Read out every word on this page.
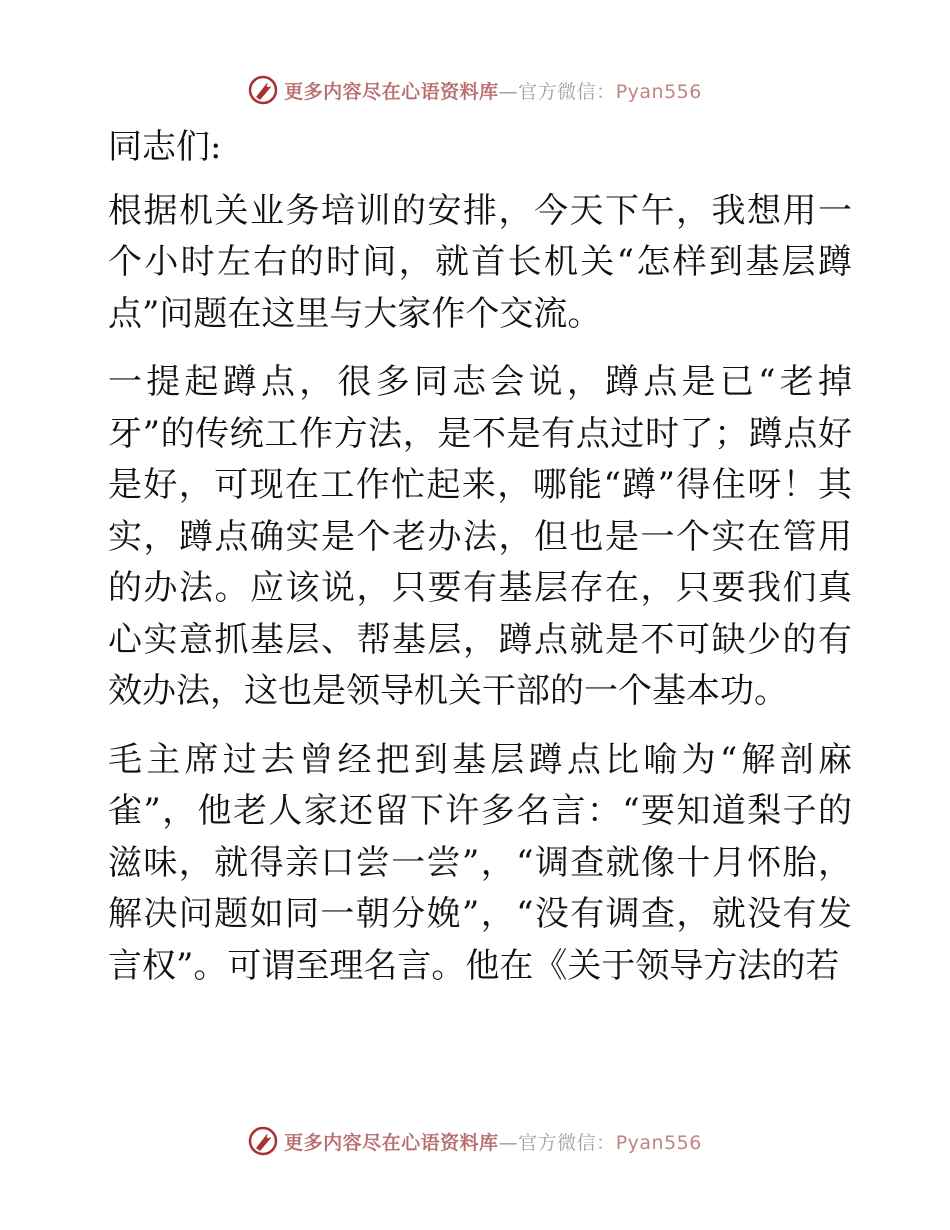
更多内容尽在心语资料库—官方微信：Pyan556
同志们:
根据机关业务培训的安排，今天下午，我想用一个小时左右的时间，就首长机关“怎样到基层蹲点”问题在这里与大家作个交流。
一提起蹲点，很多同志会说，蹲点是已“老掉牙”的传统工作方法，是不是有点过时了；蹲点好是好，可现在工作忙起来，哪能“蹲”得住呀！其实，蹲点确实是个老办法，但也是一个实在管用的办法。应该说，只要有基层存在，只要我们真心实意抓基层、帮基层，蹲点就是不可缺少的有效办法，这也是领导机关干部的一个基本功。
毛主席过去曾经把到基层蹲点比喻为“解剖麻雀”，他老人家还留下许多名言：“要知道梨子的滋味，就得亲口尝一尝”，“调查就像十月怀胎，解决问题如同一朝分娩”，“没有调查，就没有发言权”。可谓至理名言。他在《关于领导方法的若
更多内容尽在心语资料库—官方微信：Pyan556
